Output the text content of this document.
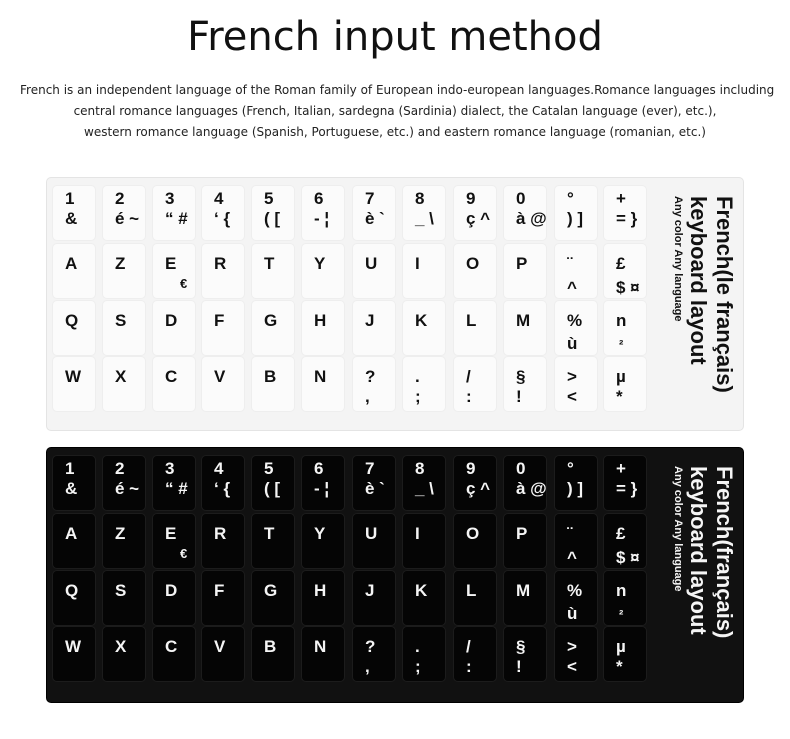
French input method
French is an independent language of the Roman family of European indo-european languages.Romance languages including
central romance languages (French, Italian, sardegna (Sardinia) dialect, the Catalan language (ever), etc.),
western romance language (Spanish, Portuguese, etc.) and eastern romance language (romanian, etc.)
French(le français)
keyboard layout
Any color Any language
1
&
2
é ~
3
“ #
4
‘ {
5
( [
6
- ¦
7
è `
8
_ \
9
ç ^
0
à @
°
) ]
+
= }
A Z E
€
R T Y U I	O P ¨
^
£
$ ¤
Q S D F G H J K L M %
ù
n
²
W X C V B N ?
,
.
;
/
:
§
!
>
<
µ
*
French(français)
keyboard layout
Any color Any language
1
&
2
é ~
3
“ #
4
‘ {
5
( [
6
- ¦
7
è `
8
_ \
9
ç ^
0
à @
°
) ]
+
= }
A Z E
€
R T Y U I	O P ¨
^
£
$ ¤
Q S D F G H J K L M %
ù
n
²
W X C V B N ?
,
.
;
/
:
§
!
>
<
µ
*
